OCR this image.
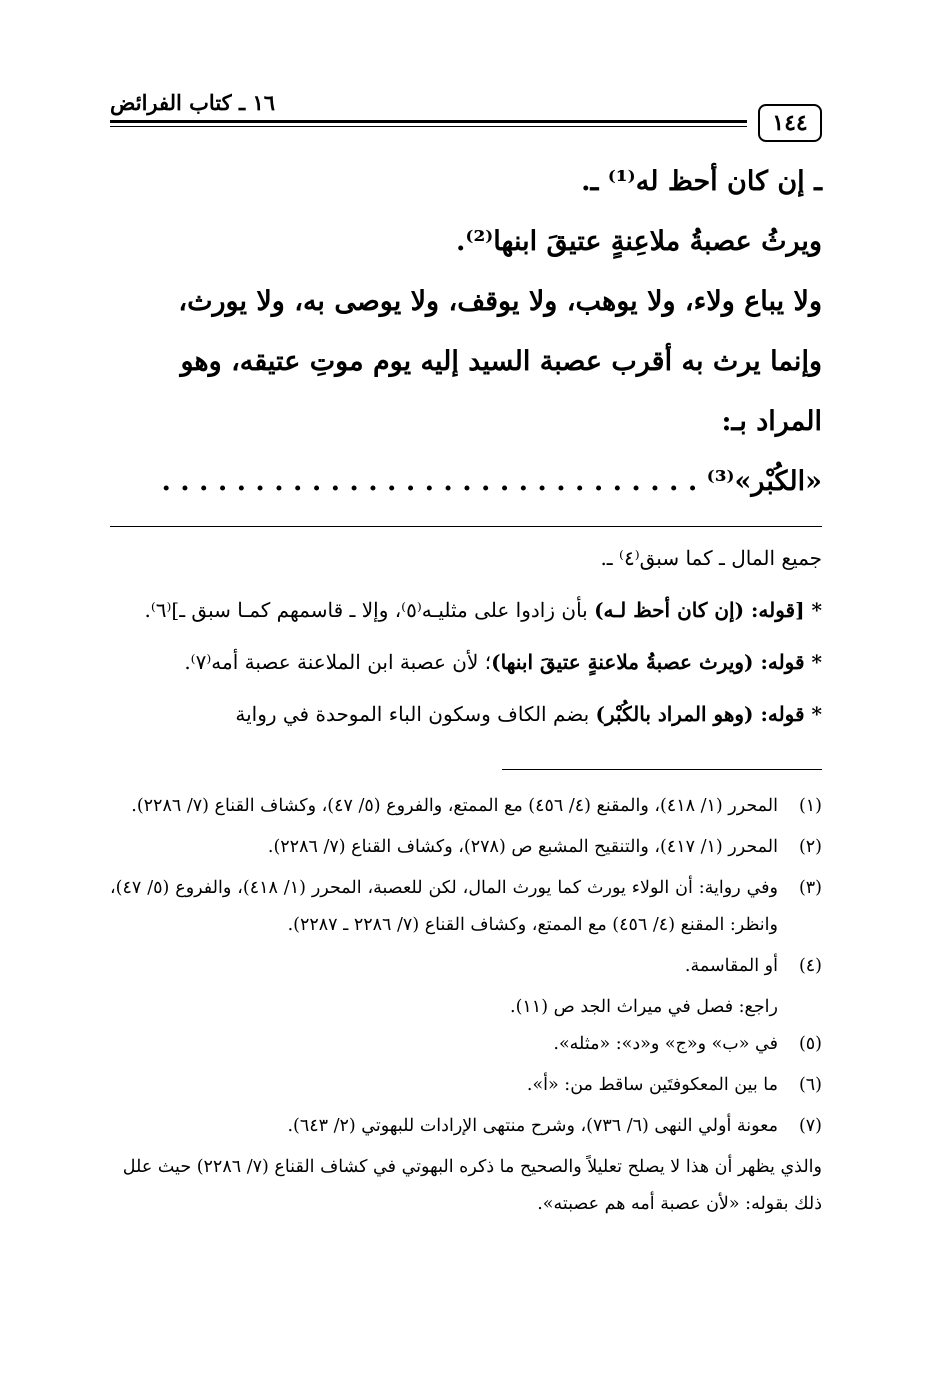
١٤٤
١٦ ـ كتاب الفرائض

ـ إن كان أحظ له⁽¹⁾ ـ.

ويرثُ عصبةُ ملاعِنةٍ عتيقَ ابنها⁽²⁾.

ولا يباع ولاء، ولا يوهب، ولا يوقف، ولا يوصى به، ولا يورث،

وإنما يرث به أقرب عصبة السيد إليه يوم موتِ عتيقه، وهو المراد بـ:

«الكُبْر»⁽³⁾ . . . . . . . . . . . . . . . . . . . . . . . . . . . . .

جميع المال ـ كما سبق⁽٤⁾ ـ.

* [قوله: (إن كان أحظ لـه) بأن زادوا على مثليـه⁽٥⁾، وإلا ـ قاسمهم كمـا سبق ـ]⁽٦⁾.

* قوله: (ويرث عصبةُ ملاعنةٍ عتيقَ ابنها)؛ لأن عصبة ابن الملاعنة عصبة أمه⁽٧⁾.

* قوله: (وهو المراد بالكُبْر) بضم الكاف وسكون الباء الموحدة في رواية

(١)
المحرر (١/ ٤١٨)، والمقنع (٤/ ٤٥٦) مع الممتع، والفروع (٥/ ٤٧)، وكشاف القناع (٧/ ٢٢٨٦).
(٢)
المحرر (١/ ٤١٧)، والتنقيح المشبع ص (٢٧٨)، وكشاف القناع (٧/ ٢٢٨٦).
(٣)
وفي رواية: أن الولاء يورث كما يورث المال، لكن للعصبة، المحرر (١/ ٤١٨)، والفروع (٥/ ٤٧)، وانظر: المقنع (٤/ ٤٥٦) مع الممتع، وكشاف القناع (٧/ ٢٢٨٦ ـ ٢٢٨٧).
(٤)
أو المقاسمة.
راجع: فصل في ميراث الجد ص (١١).
(٥)
في «ب» و«ج» و«د»: «مثله».
(٦)
ما بين المعكوفتَين ساقط من: «أ».
(٧)
معونة أولي النهى (٦/ ٧٣٦)، وشرح منتهى الإرادات للبهوتي (٢/ ٦٤٣).
والذي يظهر أن هذا لا يصلح تعليلاً والصحيح ما ذكره البهوتي في كشاف القناع (٧/ ٢٢٨٦) حيث علل ذلك بقوله: «لأن عصبة أمه هم عصبته».
